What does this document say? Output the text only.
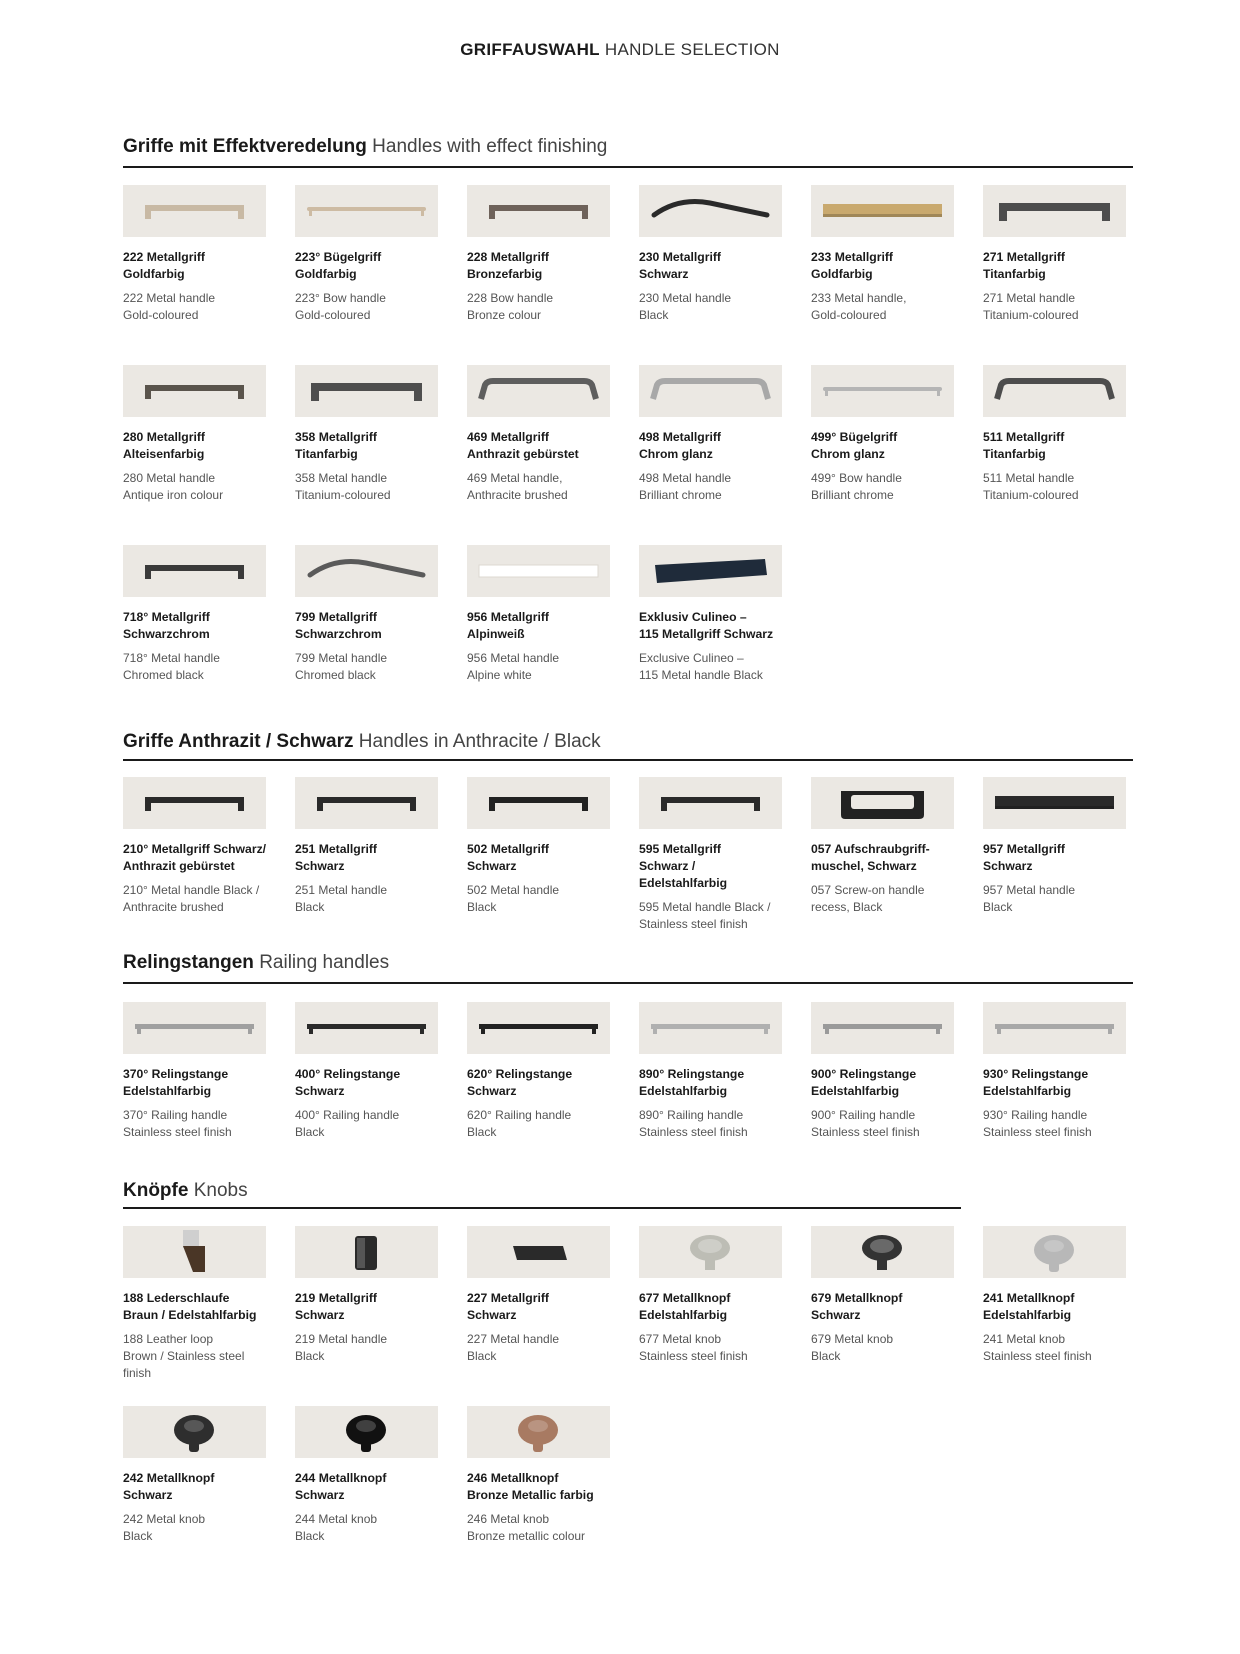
GRIFFAUSWAHL HANDLE SELECTION
Griffe mit Effektveredelung Handles with effect finishing
222 Metallgriff
Goldfarbig
222 Metal handle
Gold-coloured
223° Bügelgriff
Goldfarbig
223° Bow handle
Gold-coloured
228 Metallgriff
Bronzefarbig
228 Bow handle
Bronze colour
230 Metallgriff
Schwarz
230 Metal handle
Black
233 Metallgriff
Goldfarbig
233 Metal handle,
Gold-coloured
271 Metallgriff
Titanfarbig
271 Metal handle
Titanium-coloured
280 Metallgriff
Alteisenfarbig
280 Metal handle
Antique iron colour
358 Metallgriff
Titanfarbig
358 Metal handle
Titanium-coloured
469 Metallgriff
Anthrazit gebürstet
469 Metal handle,
Anthracite brushed
498 Metallgriff
Chrom glanz
498 Metal handle
Brilliant chrome
499° Bügelgriff
Chrom glanz
499° Bow handle
Brilliant chrome
511 Metallgriff
Titanfarbig
511 Metal handle
Titanium-coloured
718° Metallgriff
Schwarzchrom
718° Metal handle
Chromed black
799 Metallgriff
Schwarzchrom
799 Metal handle
Chromed black
956 Metallgriff
Alpinweiß
956 Metal handle
Alpine white
Exklusiv Culineo –
115 Metallgriff Schwarz
Exclusive Culineo –
115 Metal handle Black
Griffe Anthrazit / Schwarz Handles in Anthracite / Black
210° Metallgriff Schwarz/
Anthrazit gebürstet
210° Metal handle Black /
Anthracite brushed
251 Metallgriff
Schwarz
251 Metal handle
Black
502 Metallgriff
Schwarz
502 Metal handle
Black
595 Metallgriff
Schwarz / Edelstahlfarbig
595 Metal handle Black /
Stainless steel finish
057 Aufschraubgriff-
muschel, Schwarz
057 Screw-on handle
recess, Black
957 Metallgriff
Schwarz
957 Metal handle
Black
Relingstangen Railing handles
370° Relingstange
Edelstahlfarbig
370° Railing handle
Stainless steel finish
400° Relingstange
Schwarz
400° Railing handle
Black
620° Relingstange
Schwarz
620° Railing handle
Black
890° Relingstange
Edelstahlfarbig
890° Railing handle
Stainless steel finish
900° Relingstange
Edelstahlfarbig
900° Railing handle
Stainless steel finish
930° Relingstange
Edelstahlfarbig
930° Railing handle
Stainless steel finish
Knöpfe Knobs
188 Lederschlaufe
Braun / Edelstahlfarbig
188 Leather loop
Brown / Stainless steel
finish
219 Metallgriff
Schwarz
219 Metal handle
Black
227 Metallgriff
Schwarz
227 Metal handle
Black
677 Metallknopf
Edelstahlfarbig
677 Metal knob
Stainless steel finish
679 Metallknopf
Schwarz
679 Metal knob
Black
241 Metallknopf
Edelstahlfarbig
241 Metal knob
Stainless steel finish
242 Metallknopf
Schwarz
242 Metal knob
Black
244 Metallknopf
Schwarz
244 Metal knob
Black
246 Metallknopf
Bronze Metallic farbig
246 Metal knob
Bronze metallic colour
